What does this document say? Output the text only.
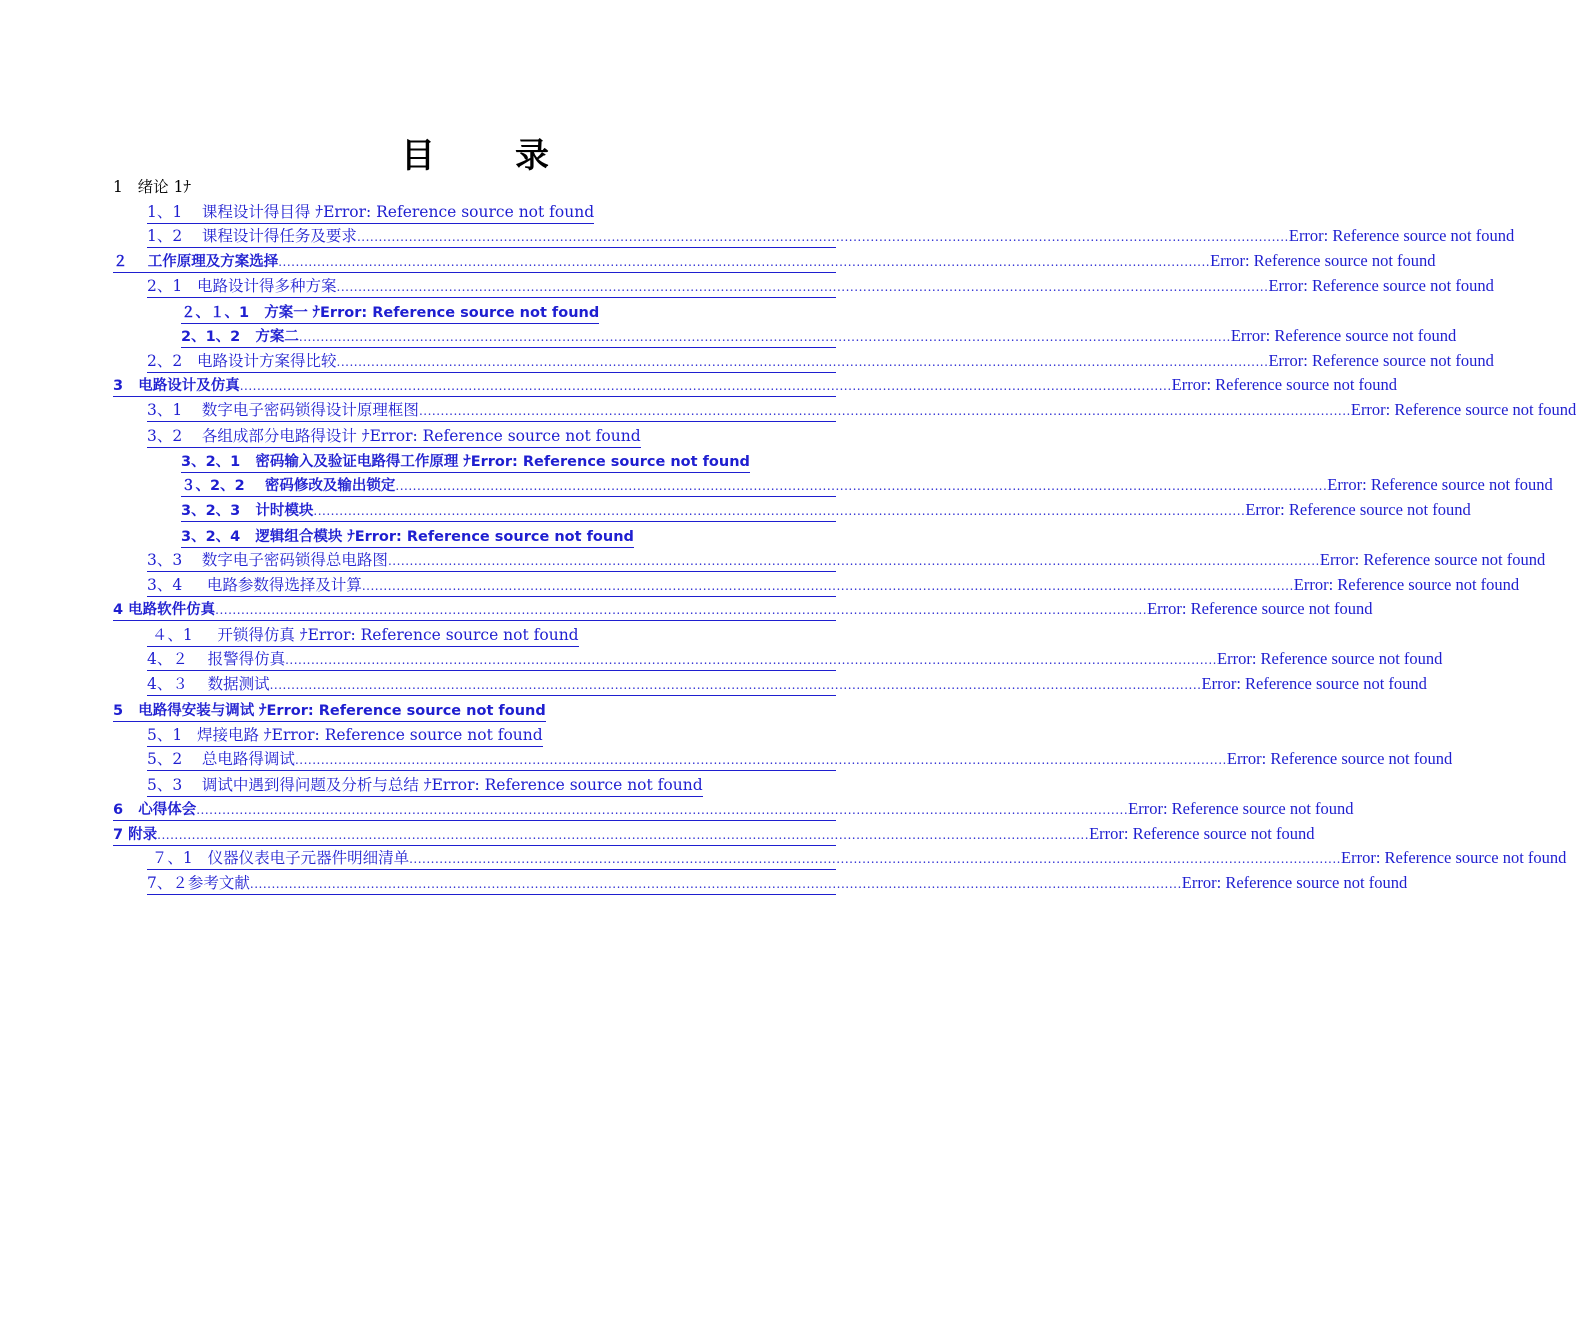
目录
1   绪论 1ﾅ
1、1    课程设计得目得 ﾅError: Reference source not found
1、2    课程设计得任务及要求 ........................................................................................................................................................................................................................ Error: Reference source not found
２    工作原理及方案选择 ........................................................................................................................................................................................................................ Error: Reference source not found
2、1   电路设计得多种方案 ........................................................................................................................................................................................................................ Error: Reference source not found
２、１、1   方案一 ﾅError: Reference source not found
2、1、2   方案二 ........................................................................................................................................................................................................................ Error: Reference source not found
2、2   电路设计方案得比较 ........................................................................................................................................................................................................................ Error: Reference source not found
3   电路设计及仿真 ........................................................................................................................................................................................................................ Error: Reference source not found
3、1    数字电子密码锁得设计原理框图 ........................................................................................................................................................................................................................ Error: Reference source not found
3、2    各组成部分电路得设计 ﾅError: Reference source not found
3、2、1   密码输入及验证电路得工作原理 ﾅError: Reference source not found
３、2、2    密码修改及输出锁定 ........................................................................................................................................................................................................................ Error: Reference source not found
3、2、3   计时模块 ........................................................................................................................................................................................................................ Error: Reference source not found
3、2、4   逻辑组合模块 ﾅError: Reference source not found
3、3    数字电子密码锁得总电路图 ........................................................................................................................................................................................................................ Error: Reference source not found
3、4     电路参数得选择及计算 ........................................................................................................................................................................................................................ Error: Reference source not found
4 电路软件仿真 ........................................................................................................................................................................................................................ Error: Reference source not found
４、1     开锁得仿真 ﾅError: Reference source not found
4、２    报警得仿真 ........................................................................................................................................................................................................................ Error: Reference source not found
4、３    数据测试 ........................................................................................................................................................................................................................ Error: Reference source not found
5   电路得安装与调试 ﾅError: Reference source not found
5、1   焊接电路 ﾅError: Reference source not found
5、2    总电路得调试 ........................................................................................................................................................................................................................ Error: Reference source not found
5、3    调试中遇到得问题及分析与总结 ﾅError: Reference source not found
6   心得体会 ........................................................................................................................................................................................................................ Error: Reference source not found
7 附录 ........................................................................................................................................................................................................................ Error: Reference source not found
７、1   仪器仪表电子元器件明细清单 ........................................................................................................................................................................................................................ Error: Reference source not found
7、２参考文献 ........................................................................................................................................................................................................................ Error: Reference source not found
